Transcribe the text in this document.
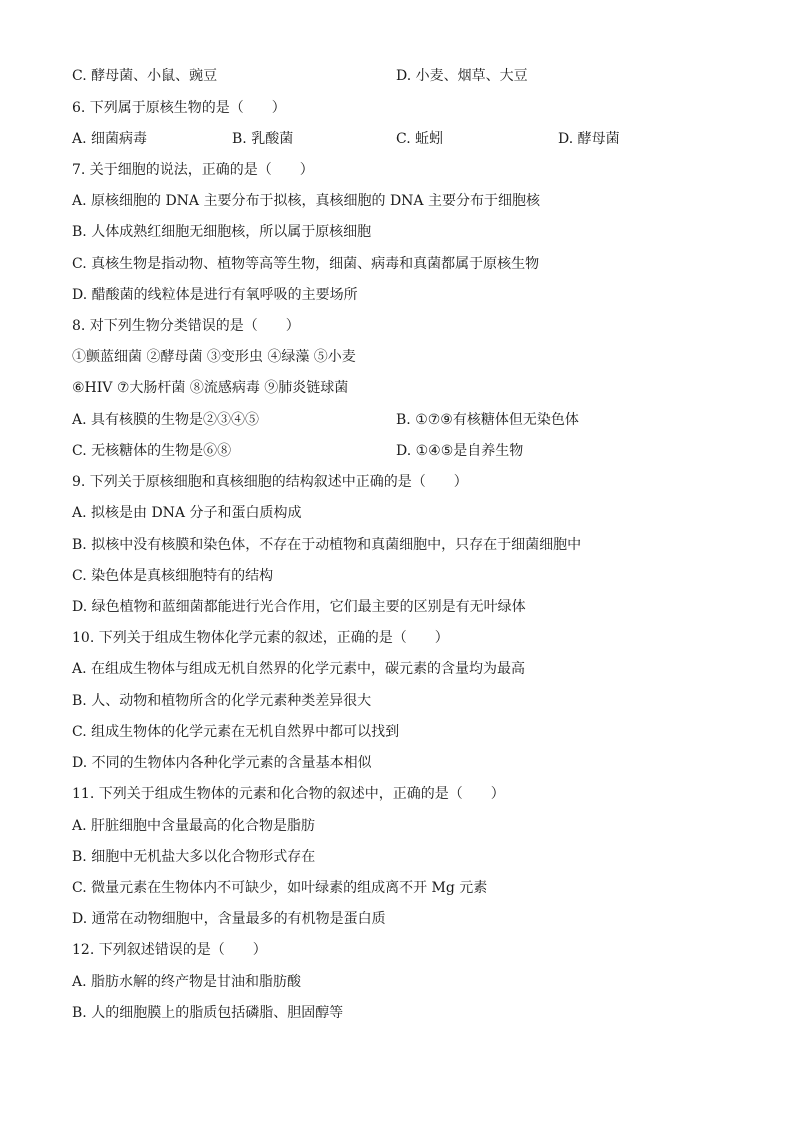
C. 酵母菌、小鼠、豌豆	D. 小麦、烟草、大豆
6. 下列属于原核生物的是（　　）
A. 细菌病毒	B. 乳酸菌	C. 蚯蚓	D. 酵母菌
7. 关于细胞的说法，正确的是（　　）
A. 原核细胞的 DNA 主要分布于拟核，真核细胞的 DNA 主要分布于细胞核
B. 人体成熟红细胞无细胞核，所以属于原核细胞
C. 真核生物是指动物、植物等高等生物，细菌、病毒和真菌都属于原核生物
D. 醋酸菌的线粒体是进行有氧呼吸的主要场所
8. 对下列生物分类错误的是（　　）
①颤蓝细菌 ②酵母菌 ③变形虫 ④绿藻 ⑤小麦
⑥HIV ⑦大肠杆菌 ⑧流感病毒 ⑨肺炎链球菌
A. 具有核膜的生物是②③④⑤	B. ①⑦⑨有核糖体但无染色体
C. 无核糖体的生物是⑥⑧	D. ①④⑤是自养生物
9. 下列关于原核细胞和真核细胞的结构叙述中正确的是（　　）
A. 拟核是由 DNA 分子和蛋白质构成
B. 拟核中没有核膜和染色体，不存在于动植物和真菌细胞中，只存在于细菌细胞中
C. 染色体是真核细胞特有的结构
D. 绿色植物和蓝细菌都能进行光合作用，它们最主要的区别是有无叶绿体
10. 下列关于组成生物体化学元素的叙述，正确的是（　　）
A. 在组成生物体与组成无机自然界的化学元素中，碳元素的含量均为最高
B. 人、动物和植物所含的化学元素种类差异很大
C. 组成生物体的化学元素在无机自然界中都可以找到
D. 不同的生物体内各种化学元素的含量基本相似
11. 下列关于组成生物体的元素和化合物的叙述中，正确的是（　　）
A. 肝脏细胞中含量最高的化合物是脂肪
B. 细胞中无机盐大多以化合物形式存在
C. 微量元素在生物体内不可缺少，如叶绿素的组成离不开 Mg 元素
D. 通常在动物细胞中，含量最多的有机物是蛋白质
12. 下列叙述错误的是（　　）
A. 脂肪水解的终产物是甘油和脂肪酸
B. 人的细胞膜上的脂质包括磷脂、胆固醇等
